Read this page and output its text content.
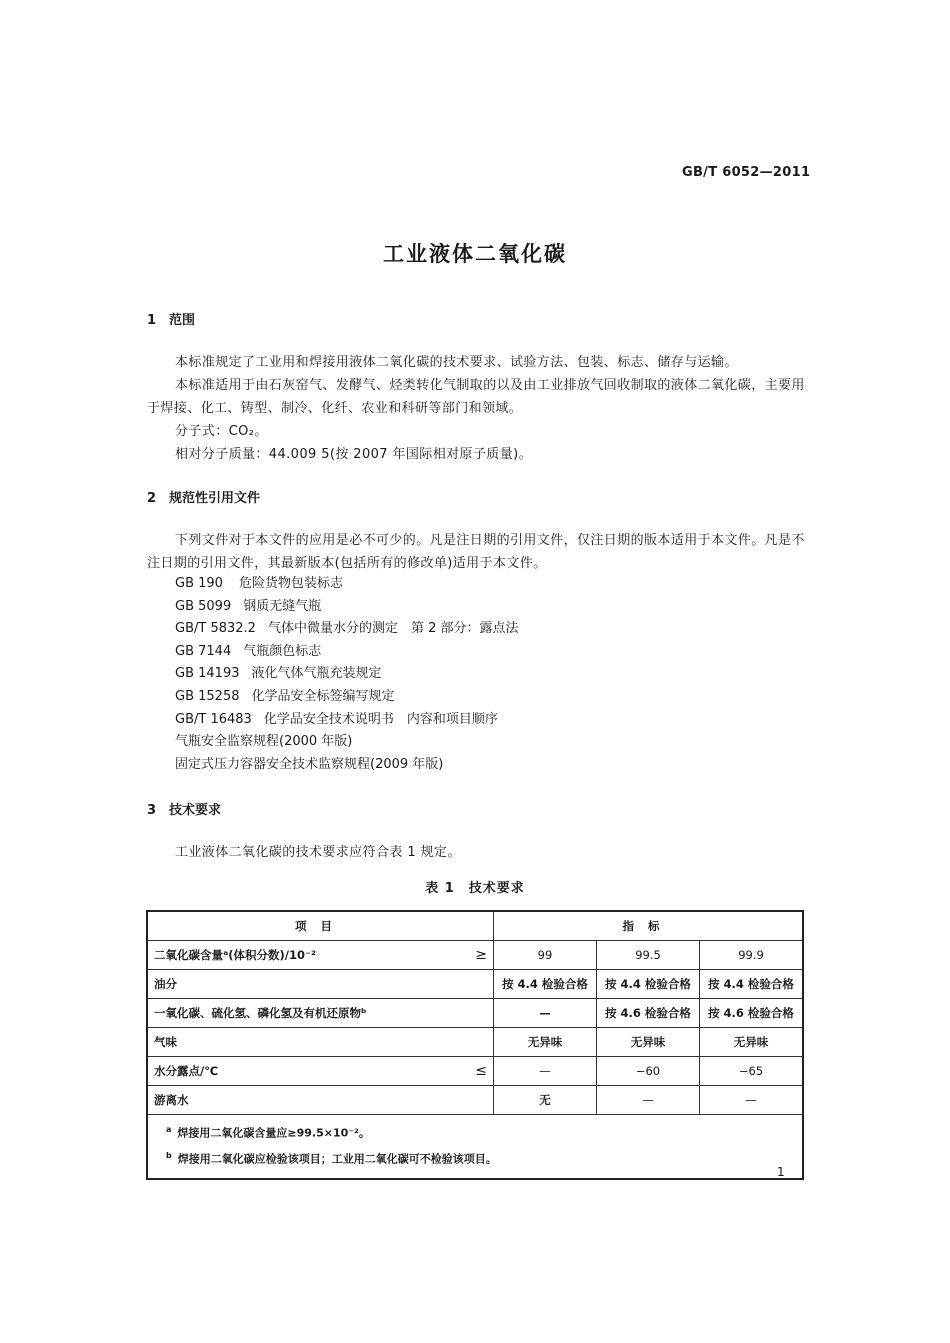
GB/T 6052—2011
工业液体二氧化碳
1 范围
本标准规定了工业用和焊接用液体二氧化碳的技术要求、试验方法、包装、标志、储存与运输。
本标准适用于由石灰窑气、发酵气、烃类转化气制取的以及由工业排放气回收制取的液体二氧化碳，主要用于焊接、化工、铸型、制冷、化纤、农业和科研等部门和领域。
分子式：CO₂。
相对分子质量：44.009 5(按 2007 年国际相对原子质量)。
2 规范性引用文件
下列文件对于本文件的应用是必不可少的。凡是注日期的引用文件，仅注日期的版本适用于本文件。凡是不注日期的引用文件，其最新版本(包括所有的修改单)适用于本文件。
GB 190 危险货物包装标志
GB 5099 钢质无缝气瓶
GB/T 5832.2 气体中微量水分的测定　第 2 部分：露点法
GB 7144 气瓶颜色标志
GB 14193 液化气体气瓶充装规定
GB 15258 化学品安全标签编写规定
GB/T 16483 化学品安全技术说明书　内容和项目顺序
气瓶安全监察规程(2000 年版)
固定式压力容器安全技术监察规程(2009 年版)
3 技术要求
工业液体二氧化碳的技术要求应符合表 1 规定。
表 1　技术要求
项目	指标		

二氧化碳含量ᵃ(体积分数)/10⁻² ≥	99	99.5	99.9

油分	按 4.4 检验合格	按 4.4 检验合格	按 4.4 检验合格

一氧化碳、硫化氢、磷化氢及有机还原物ᵇ	—	按 4.6 检验合格	按 4.6 检验合格

气味	无异味	无异味	无异味

水分露点/℃ ≤	—	−60	−65

游离水	无	—	—

$^a$ 焊接用二氧化碳含量应≥99.5×10⁻²。
$^b$ 焊接用二氧化碳应检验该项目；工业用二氧化碳可不检验该项目。			
1
